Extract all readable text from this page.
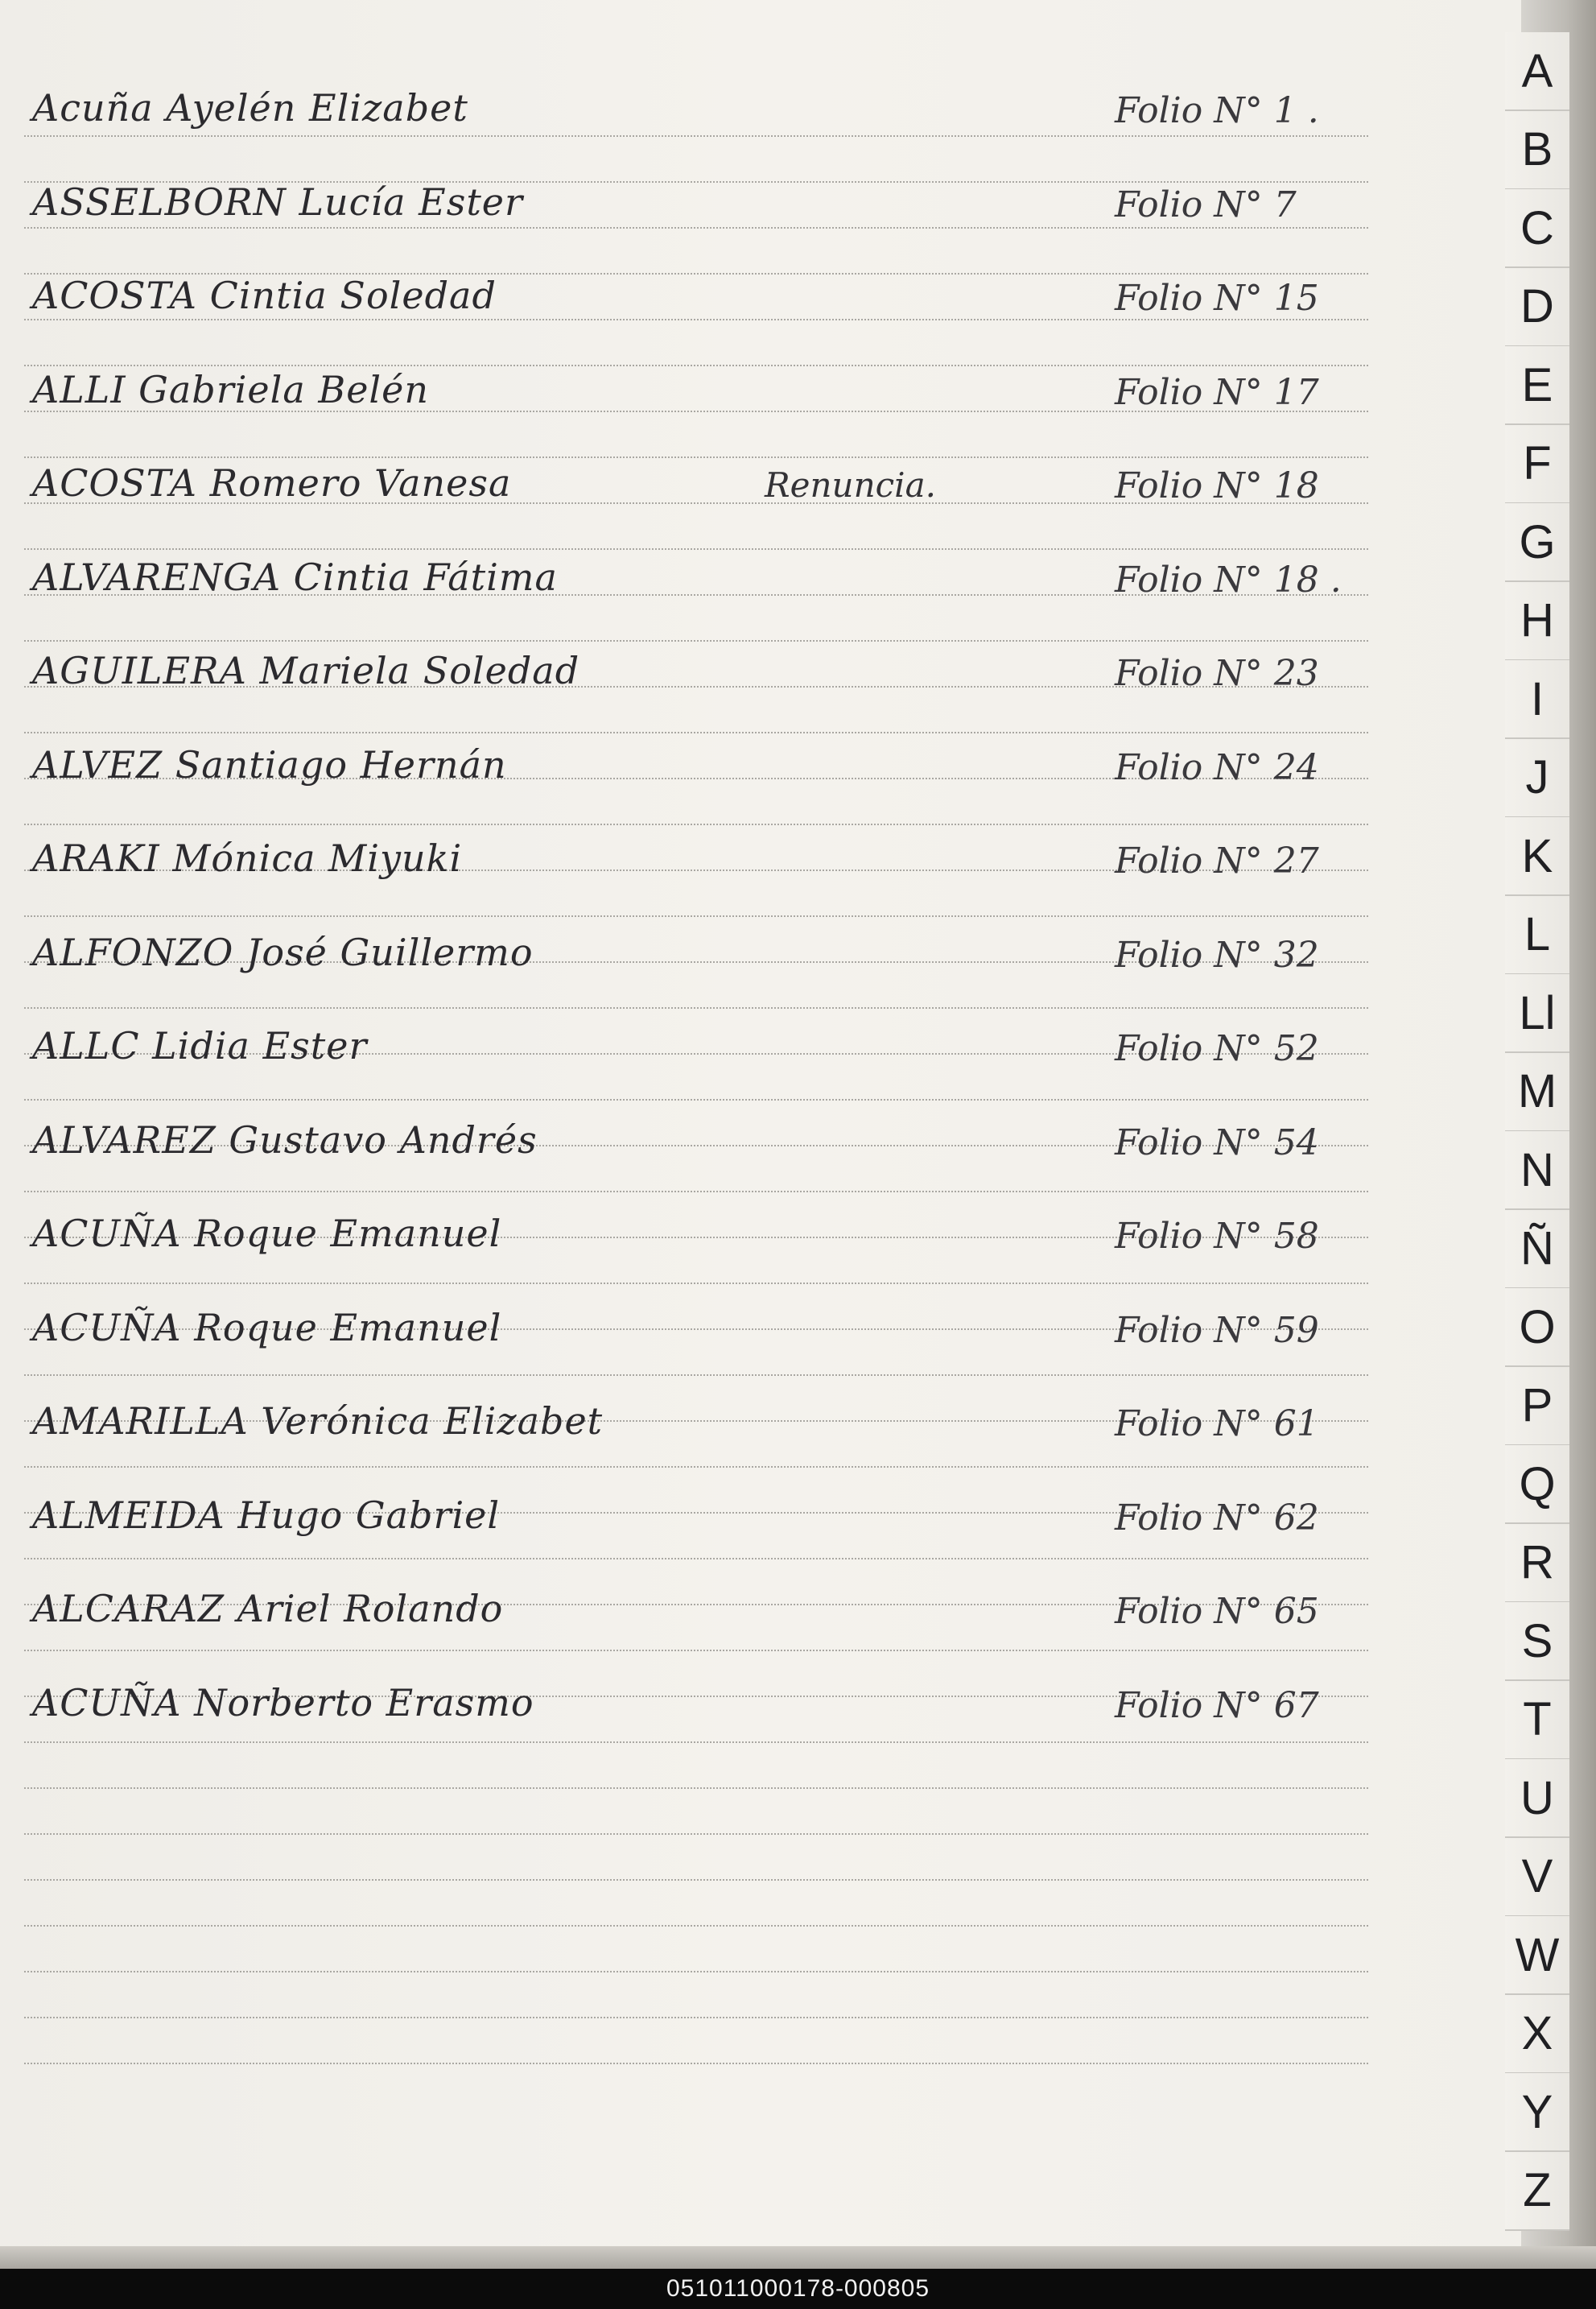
Acuña Ayelén Elizabet	Folio N° 1 .
ASSELBORN Lucía Ester	Folio N° 7
ACOSTA Cintia Soledad	Folio N° 15
ALLI Gabriela Belén	Folio N° 17
ACOSTA Romero Vanesa	Renuncia.	Folio N° 18
ALVARENGA Cintia Fátima	Folio N° 18 .
AGUILERA Mariela Soledad	Folio N° 23
ALVEZ Santiago Hernán	Folio N° 24
ARAKI Mónica Miyuki	Folio N° 27
ALFONZO José Guillermo	Folio N° 32
ALLC Lidia Ester	Folio N° 52
ALVAREZ Gustavo Andrés	Folio N° 54
ACUÑA Roque Emanuel	Folio N° 58
ACUÑA Roque Emanuel	Folio N° 59
AMARILLA Verónica Elizabet	Folio N° 61
ALMEIDA Hugo Gabriel	Folio N° 62
ALCARAZ Ariel Rolando	Folio N° 65
ACUÑA Norberto Erasmo	Folio N° 67
A
B
C
D
E
F
G
H
I
J
K
L
Ll
M
N
Ñ
O
P
Q
R
S
T
U
V
W
X
Y
Z
051011000178-000805
